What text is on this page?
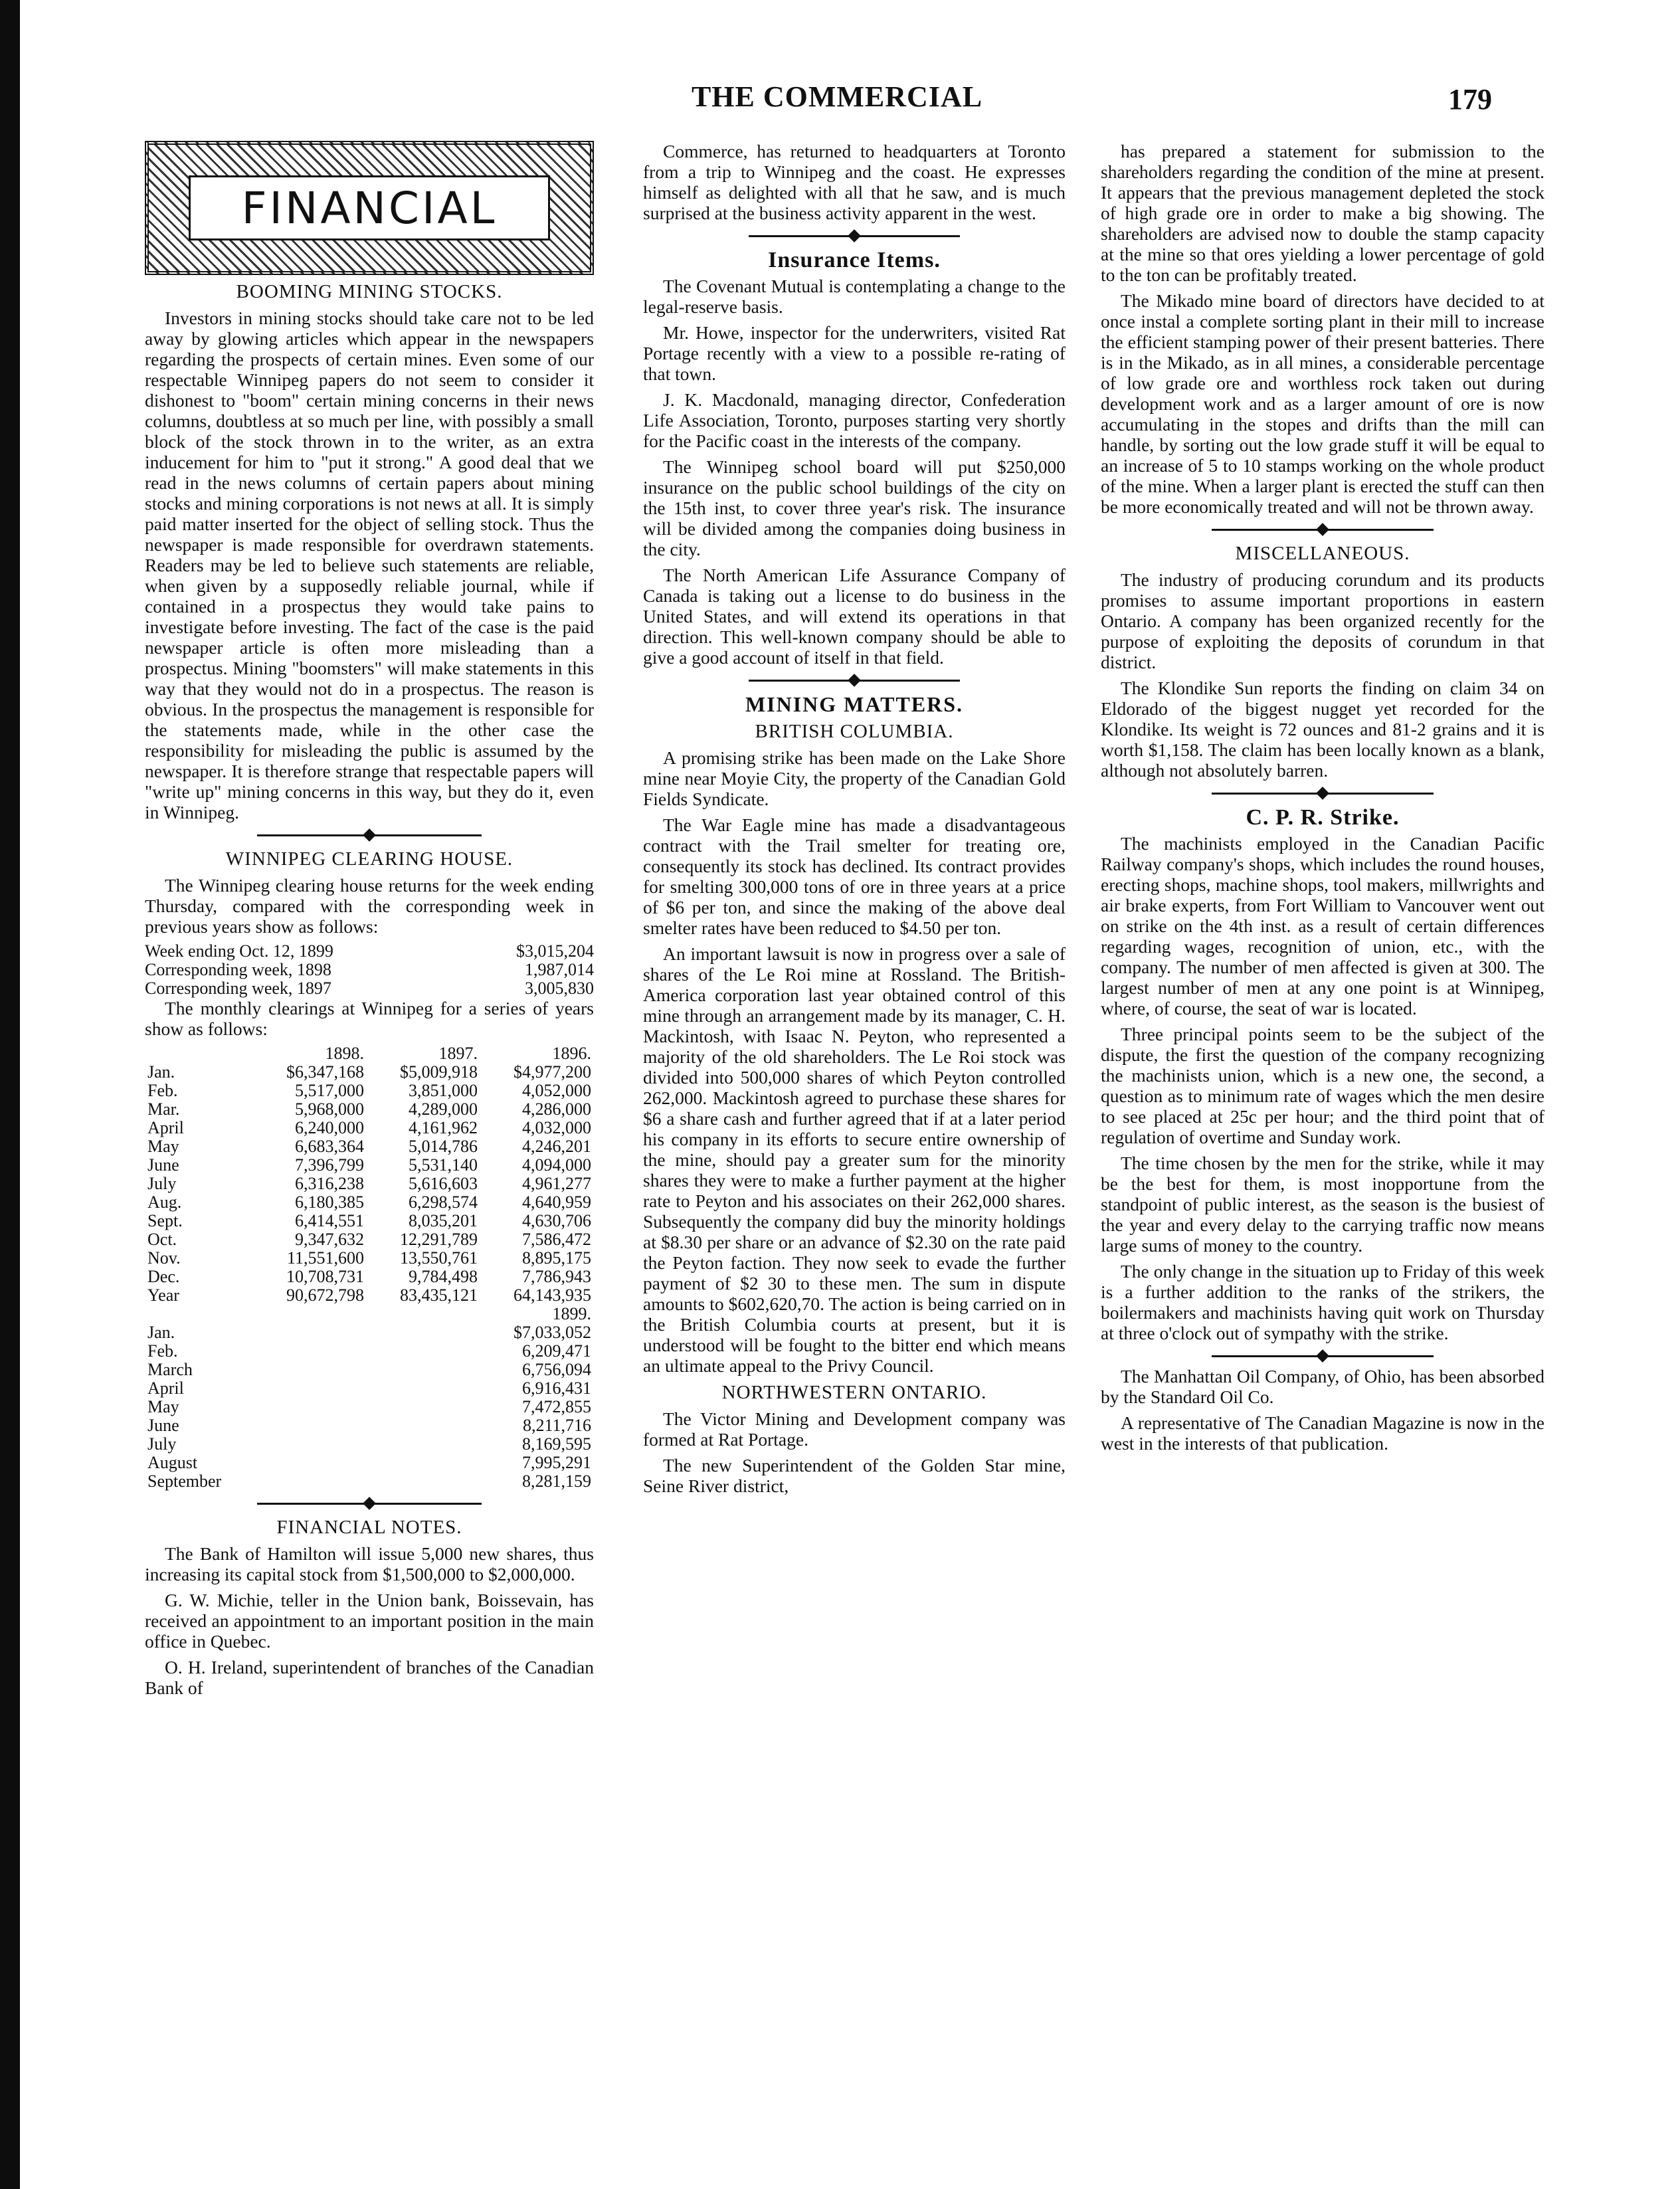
THE COMMERCIAL	179
FINANCIAL
BOOMING MINING STOCKS.

Investors in mining stocks should take care not to be led away by glowing articles which appear in the newspapers regarding the prospects of certain mines. Even some of our respectable Winnipeg papers do not seem to consider it dishonest to "boom" certain mining concerns in their news columns, doubtless at so much per line, with possibly a small block of the stock thrown in to the writer, as an extra inducement for him to "put it strong." A good deal that we read in the news columns of certain papers about mining stocks and mining corporations is not news at all. It is simply paid matter inserted for the object of selling stock. Thus the newspaper is made responsible for overdrawn statements. Readers may be led to believe such statements are reliable, when given by a supposedly reliable journal, while if contained in a prospectus they would take pains to investigate before investing. The fact of the case is the paid newspaper article is often more misleading than a prospectus. Mining "boomsters" will make statements in this way that they would not do in a prospectus. The reason is obvious. In the prospectus the management is responsible for the statements made, while in the other case the responsibility for misleading the public is assumed by the newspaper. It is therefore strange that respectable papers will "write up" mining concerns in this way, but they do it, even in Winnipeg.

WINNIPEG CLEARING HOUSE.

The Winnipeg clearing house returns for the week ending Thursday, compared with the corresponding week in previous years show as follows:

Week ending Oct. 12, 1899	$3,015,204
Corresponding week, 1898	1,987,014
Corresponding week, 1897	3,005,830

The monthly clearings at Winnipeg for a series of years show as follows:

	1898.	1897.	1896.
Jan.	$6,347,168	$5,009,918	$4,977,200
Feb.	5,517,000	3,851,000	4,052,000
Mar.	5,968,000	4,289,000	4,286,000
April	6,240,000	4,161,962	4,032,000
May	6,683,364	5,014,786	4,246,201
June	7,396,799	5,531,140	4,094,000
July	6,316,238	5,616,603	4,961,277
Aug.	6,180,385	6,298,574	4,640,959
Sept.	6,414,551	8,035,201	4,630,706
Oct.	9,347,632	12,291,789	7,586,472
Nov.	11,551,600	13,550,761	8,895,175
Dec.	10,708,731	9,784,498	7,786,943
Year	90,672,798	83,435,121	64,143,935
			1899.
Jan.			$7,033,052
Feb.			6,209,471
March			6,756,094
April			6,916,431
May			7,472,855
June			8,211,716
July			8,169,595
August			7,995,291
September			8,281,159
FINANCIAL NOTES.

The Bank of Hamilton will issue 5,000 new shares, thus increasing its capital stock from $1,500,000 to $2,000,000.

G. W. Michie, teller in the Union bank, Boissevain, has received an appointment to an important position in the main office in Quebec.

O. H. Ireland, superintendent of branches of the Canadian Bank of

Commerce, has returned to headquarters at Toronto from a trip to Winnipeg and the coast. He expresses himself as delighted with all that he saw, and is much surprised at the business activity apparent in the west.

Insurance Items.

The Covenant Mutual is contemplating a change to the legal-reserve basis.

Mr. Howe, inspector for the underwriters, visited Rat Portage recently with a view to a possible re-rating of that town.

J. K. Macdonald, managing director, Confederation Life Association, Toronto, purposes starting very shortly for the Pacific coast in the interests of the company.

The Winnipeg school board will put $250,000 insurance on the public school buildings of the city on the 15th inst, to cover three year's risk. The insurance will be divided among the companies doing business in the city.

The North American Life Assurance Company of Canada is taking out a license to do business in the United States, and will extend its operations in that direction. This well-known company should be able to give a good account of itself in that field.

MINING MATTERS.
BRITISH COLUMBIA.

A promising strike has been made on the Lake Shore mine near Moyie City, the property of the Canadian Gold Fields Syndicate.

The War Eagle mine has made a disadvantageous contract with the Trail smelter for treating ore, consequently its stock has declined. Its contract provides for smelting 300,000 tons of ore in three years at a price of $6 per ton, and since the making of the above deal smelter rates have been reduced to $4.50 per ton.

An important lawsuit is now in progress over a sale of shares of the Le Roi mine at Rossland. The British-America corporation last year obtained control of this mine through an arrangement made by its manager, C. H. Mackintosh, with Isaac N. Peyton, who represented a majority of the old shareholders. The Le Roi stock was divided into 500,000 shares of which Peyton controlled 262,000. Mackintosh agreed to purchase these shares for $6 a share cash and further agreed that if at a later period his company in its efforts to secure entire ownership of the mine, should pay a greater sum for the minority shares they were to make a further payment at the higher rate to Peyton and his associates on their 262,000 shares. Subsequently the company did buy the minority holdings at $8.30 per share or an advance of $2.30 on the rate paid the Peyton faction. They now seek to evade the further payment of $2 30 to these men. The sum in dispute amounts to $602,620,70. The action is being carried on in the British Columbia courts at present, but it is understood will be fought to the bitter end which means an ultimate appeal to the Privy Council.

NORTHWESTERN ONTARIO.

The Victor Mining and Development company was formed at Rat Portage.

The new Superintendent of the Golden Star mine, Seine River district,

has prepared a statement for submission to the shareholders regarding the condition of the mine at present. It appears that the previous management depleted the stock of high grade ore in order to make a big showing. The shareholders are advised now to double the stamp capacity at the mine so that ores yielding a lower percentage of gold to the ton can be profitably treated.

The Mikado mine board of directors have decided to at once instal a complete sorting plant in their mill to increase the efficient stamping power of their present batteries. There is in the Mikado, as in all mines, a considerable percentage of low grade ore and worthless rock taken out during development work and as a larger amount of ore is now accumulating in the stopes and drifts than the mill can handle, by sorting out the low grade stuff it will be equal to an increase of 5 to 10 stamps working on the whole product of the mine. When a larger plant is erected the stuff can then be more economically treated and will not be thrown away.

MISCELLANEOUS.

The industry of producing corundum and its products promises to assume important proportions in eastern Ontario. A company has been organized recently for the purpose of exploiting the deposits of corundum in that district.

The Klondike Sun reports the finding on claim 34 on Eldorado of the biggest nugget yet recorded for the Klondike. Its weight is 72 ounces and 81-2 grains and it is worth $1,158. The claim has been locally known as a blank, although not absolutely barren.

C. P. R. Strike.

The machinists employed in the Canadian Pacific Railway company's shops, which includes the round houses, erecting shops, machine shops, tool makers, millwrights and air brake experts, from Fort William to Vancouver went out on strike on the 4th inst. as a result of certain differences regarding wages, recognition of union, etc., with the company. The number of men affected is given at 300. The largest number of men at any one point is at Winnipeg, where, of course, the seat of war is located.

Three principal points seem to be the subject of the dispute, the first the question of the company recognizing the machinists union, which is a new one, the second, a question as to minimum rate of wages which the men desire to see placed at 25c per hour; and the third point that of regulation of overtime and Sunday work.

The time chosen by the men for the strike, while it may be the best for them, is most inopportune from the standpoint of public interest, as the season is the busiest of the year and every delay to the carrying traffic now means large sums of money to the country.

The only change in the situation up to Friday of this week is a further addition to the ranks of the strikers, the boilermakers and machinists having quit work on Thursday at three o'clock out of sympathy with the strike.

The Manhattan Oil Company, of Ohio, has been absorbed by the Standard Oil Co.

A representative of The Canadian Magazine is now in the west in the interests of that publication.
